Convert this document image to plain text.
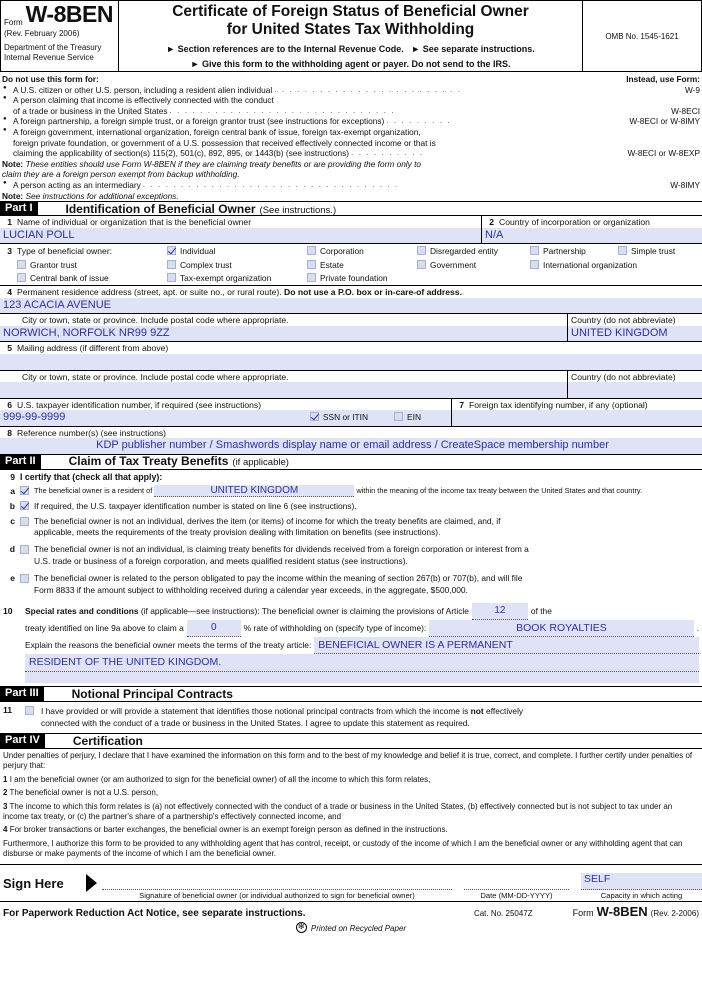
Form W-8BEN
(Rev. February 2006)
Department of the Treasury
Internal Revenue Service
Certificate of Foreign Status of Beneficial Owner
for United States Tax Withholding
► Section references are to the Internal Revenue Code. ► See separate instructions.
► Give this form to the withholding agent or payer. Do not send to the IRS.
OMB No. 1545-1621
Do not use this form for:	Instead, use Form:
● A U.S. citizen or other U.S. person, including a resident alien individual . . . . . . . . . . . . . . . . . . . . . . . . .	W-9
● A person claiming that income is effectively connected with the conduct
of a trade or business in the United States . . . . . . . . . . . . . . . . . . . . . . . . . . . . . .	W-8ECI
● A foreign partnership, a foreign simple trust, or a foreign grantor trust (see instructions for exceptions) . . . . . . . . .	W-8ECI or W-8IMY
● A foreign government, international organization, foreign central bank of issue, foreign tax-exempt organization,
foreign private foundation, or government of a U.S. possession that received effectively connected income or that is
claiming the applicability of section(s) 115(2), 501(c), 892, 895, or 1443(b) (see instructions) . . . . . . . . . .	W-8ECI or W-8EXP
Note: These entities should use Form W-8BEN if they are claiming treaty benefits or are providing the form only to
claim they are a foreign person exempt from backup withholding.
● A person acting as an intermediary . . . . . . . . . . . . . . . . . . . . . . . . . . . . . . . . . .	W-8IMY
Note: See instructions for additional exceptions.
Part I	Identification of Beneficial Owner (See instructions.)
1 Name of individual or organization that is the beneficial owner
LUCIAN POLL
2 Country of incorporation or organization
N/A
3 Type of beneficial owner:	Individual	Corporation	Disregarded entity	Partnership	Simple trust
Grantor trust	Complex trust	Estate	Government	International organization
Central bank of issue	Tax-exempt organization	Private foundation
4 Permanent residence address (street, apt. or suite no., or rural route). Do not use a P.O. box or in-care-of address.
123 ACACIA AVENUE
City or town, state or province. Include postal code where appropriate.
NORWICH, NORFOLK NR99 9ZZ
Country (do not abbreviate)
UNITED KINGDOM
5 Mailing address (if different from above)

City or town, state or province. Include postal code where appropriate.
	Country (do not abbreviate)

6 U.S. taxpayer identification number, if required (see instructions)
999-99-9999	SSN or ITIN	EIN
7 Foreign tax identifying number, if any (optional)

8 Reference number(s) (see instructions)
KDP publisher number / Smashwords display name or email address / CreateSpace membership number
Part II	Claim of Tax Treaty Benefits (if applicable)
9 I certify that (check all that apply):
a	The beneficial owner is a resident of	UNITED KINGDOM	within the meaning of the income tax treaty between the United States and that country.
b	If required, the U.S. taxpayer identification number is stated on line 6 (see instructions).
c	The beneficial owner is not an individual, derives the item (or items) of income for which the treaty benefits are claimed, and, if
applicable, meets the requirements of the treaty provision dealing with limitation on benefits (see instructions).
d	The beneficial owner is not an individual, is claiming treaty benefits for dividends received from a foreign corporation or interest from a
U.S. trade or business of a foreign corporation, and meets qualified resident status (see instructions).
e	The beneficial owner is related to the person obligated to pay the income within the meaning of section 267(b) or 707(b), and will file
Form 8833 if the amount subject to withholding received during a calendar year exceeds, in the aggregate, $500,000.
10	Special rates and conditions
(if applicable—see instructions): The beneficial owner is claiming the provisions of Article	12	of the
treaty identified on line 9a above to claim a	0	% rate of withholding on (specify type of income):	BOOK ROYALTIES	.
Explain the reasons the beneficial owner meets the terms of the treaty article: BENEFICIAL OWNER IS A PERMANENT
RESIDENT OF THE UNITED KINGDOM.
Part III	Notional Principal Contracts
11	I have provided or will provide a statement that identifies those notional principal contracts from which the income is not effectively
connected with the conduct of a trade or business in the United States. I agree to update this statement as required.
Part IV	Certification

Under penalties of perjury, I declare that I have examined the information on this form and to the best of my knowledge and belief it is true, correct, and complete. I further certify under penalties of perjury that:

1 I am the beneficial owner (or am authorized to sign for the beneficial owner) of all the income to which this form relates,

2 The beneficial owner is not a U.S. person,

3 The income to which this form relates is (a) not effectively connected with the conduct of a trade or business in the United States, (b) effectively connected but is not subject to tax under an income tax treaty, or (c) the partner's share of a partnership's effectively connected income, and

4 For broker transactions or barter exchanges, the beneficial owner is an exempt foreign person as defined in the instructions.

Furthermore, I authorize this form to be provided to any withholding agent that has control, receipt, or custody of the income of which I am the beneficial owner or any withholding agent that can disburse or make payments of the income of which I am the beneficial owner.

Sign Here
Signature of beneficial owner (or individual authorized to sign for beneficial owner)	Date (MM-DD-YYYY)
SELF
Capacity in which acting
For Paperwork Reduction Act Notice, see separate instructions.	Cat. No. 25047Z	Form W-8BEN (Rev. 2-2006)
✻Printed on Recycled Paper
